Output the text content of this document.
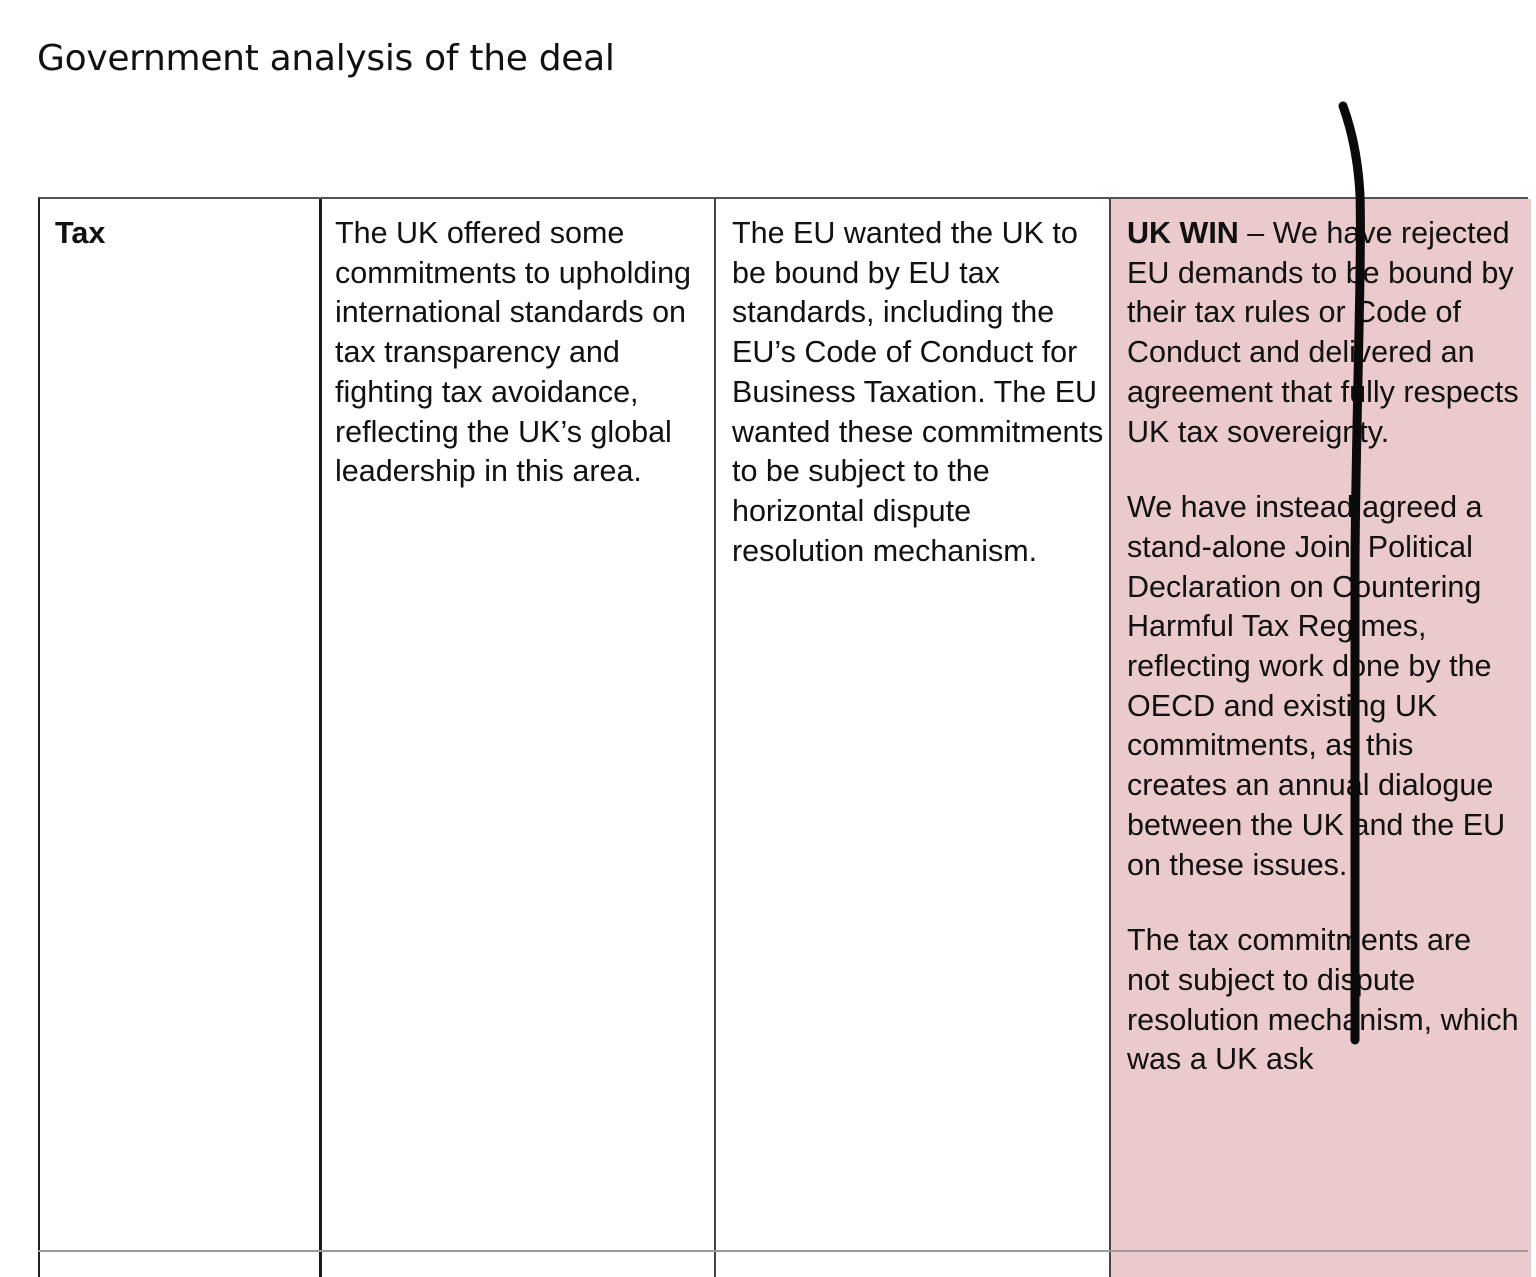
Government analysis of the deal

Tax	The UK offered some commitments to upholding international standards on tax transparency and fighting tax avoidance, reflecting the UK’s global leadership in this area.

The EU wanted the UK to be bound by EU tax standards, including the EU’s Code of Conduct for Business Taxation. The EU wanted these commitments to be subject to the horizontal dispute resolution mechanism.

UK WIN – We have rejected EU demands to be bound by their tax rules or Code of Conduct and delivered an agreement that fully respects UK tax sovereignty.

We have instead agreed a stand-alone Joint Political Declaration on Countering Harmful Tax Regimes, reflecting work done by the OECD and existing UK commitments, as this creates an annual dialogue between the UK and the EU on these issues.

The tax commitments are not subject to dispute resolution mechanism, which was a UK ask
